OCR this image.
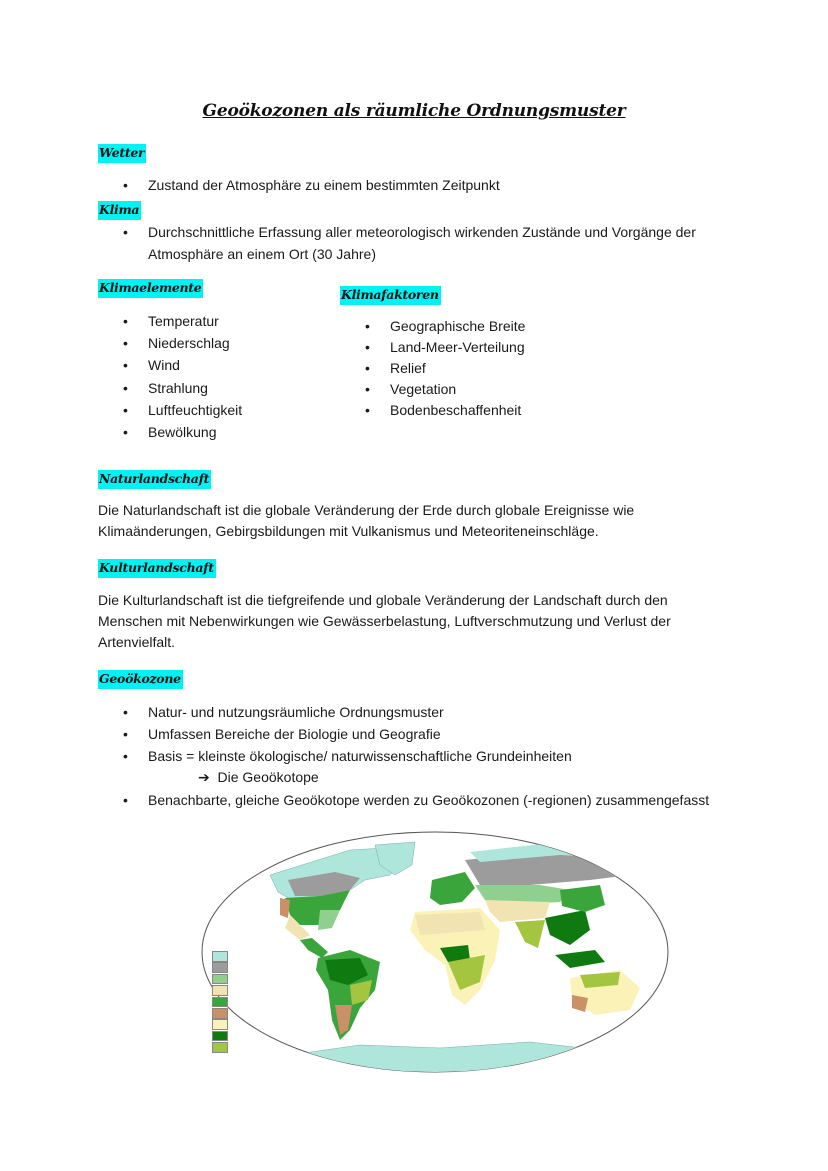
Geoökozonen als räumliche Ordnungsmuster
Wetter
• Zustand der Atmosphäre zu einem bestimmten Zeitpunkt
Klima
• Durchschnittliche Erfassung aller meteorologisch wirkenden Zustände und Vorgänge der
Atmosphäre an einem Ort (30 Jahre)
Klimaelemente
• Temperatur
• Niederschlag
• Wind
• Strahlung
• Luftfeuchtigkeit
• Bewölkung
Klimafaktoren
• Geographische Breite
• Land-Meer-Verteilung
• Relief
• Vegetation
• Bodenbeschaffenheit
Naturlandschaft

Die Naturlandschaft ist die globale Veränderung der Erde durch globale Ereignisse wie
Klimaänderungen, Gebirgsbildungen mit Vulkanismus und Meteoriteneinschläge.

Kulturlandschaft

Die Kulturlandschaft ist die tiefgreifende und globale Veränderung der Landschaft durch den
Menschen mit Nebenwirkungen wie Gewässerbelastung, Luftverschmutzung und Verlust der
Artenvielfalt.

Geoökozone
• Natur- und nutzungsräumliche Ordnungsmuster
• Umfassen Bereiche der Biologie und Geografie
• Basis = kleinste ökologische/ naturwissenschaftliche Grundeinheiten
➔ Die Geoökotope
• Benachbarte, gleiche Geoökotope werden zu Geoökozonen (-regionen) zusammengefasst
